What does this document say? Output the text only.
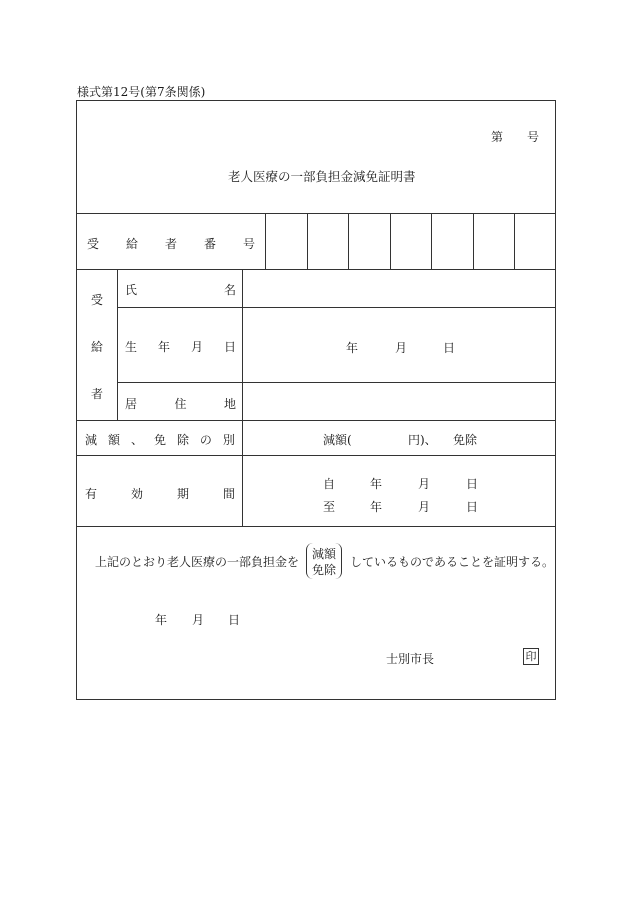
様式第12号(第7条関係)
第 号
老人医療の一部負担金減免証明書
受 給 者 番 号
受
給
者
氏	名
生 年 月 日	年	月	日
居	住	地
減 額 、 免 除 の 別	減額(	円)、 免除
有	効	期	間
自	年	月	日
至	年	月	日
上記のとおり老人医療の一部負担金を
減額
免除
しているものであることを証明する。
年 月 日
士別市長	印
